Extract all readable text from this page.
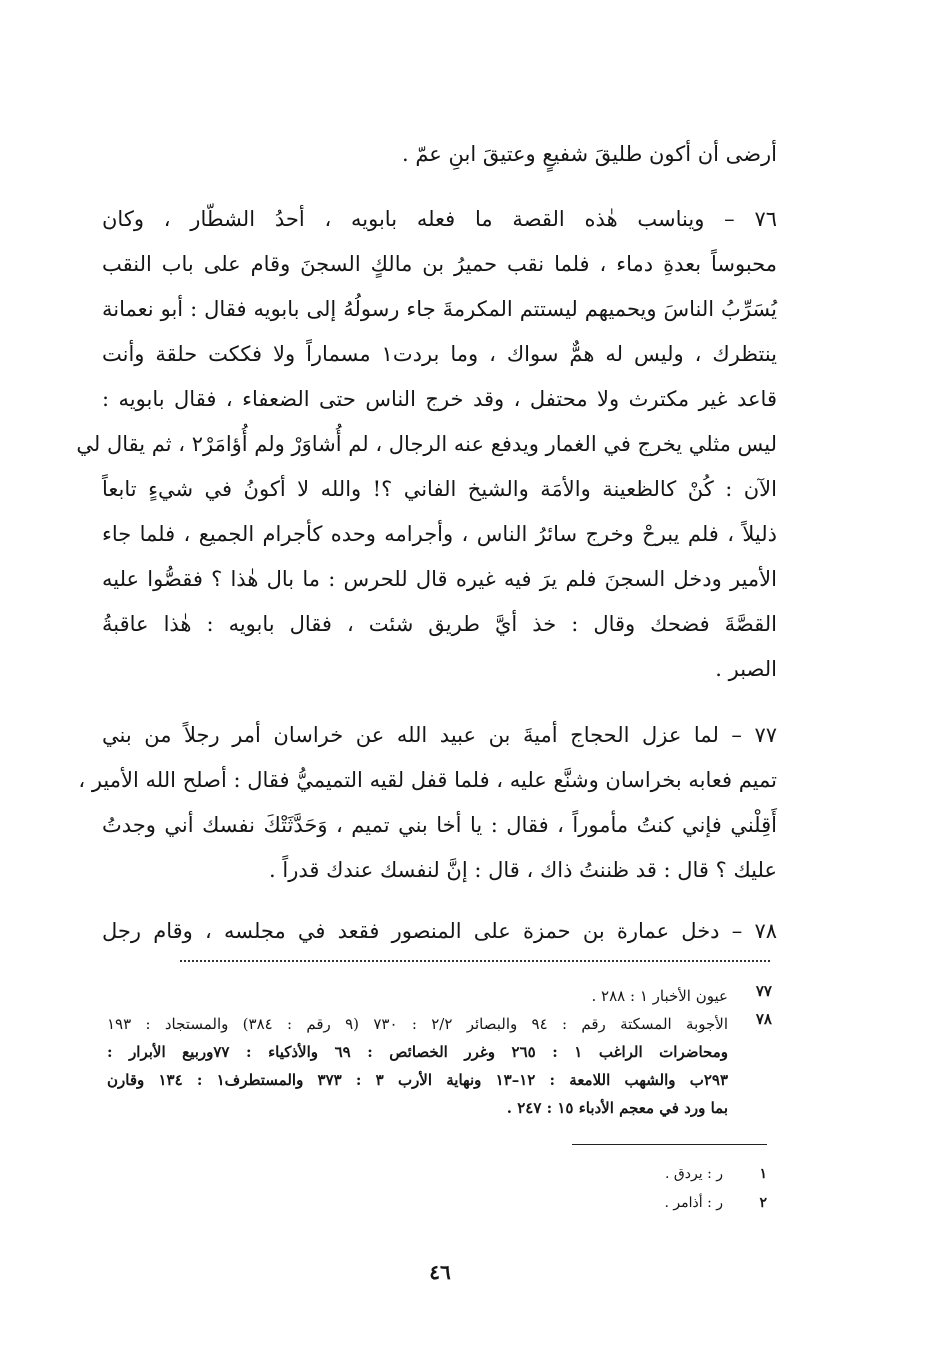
أرضى أن أكون طليقَ شفيعٍ وعتيقَ ابنِ عمّ .
٧٦ – ويناسب هٰذه القصة ما فعله بابويه ، أحدُ الشطّار ، وكان
محبوساً بعدةِ دماء ، فلما نقب حميرُ بن مالكٍ السجنَ وقام على باب النقب
يُسَرِّبُ الناسَ ويحميهم ليستتم المكرمةَ جاء رسولُهُ إلى بابويه فقال : أبو نعمانة
ينتظرك ، وليس له همٌّ سواك ، وما بردت١ مسماراً ولا فككت حلقة وأنت
قاعد غير مكترث ولا محتفل ، وقد خرج الناس حتى الضعفاء ، فقال بابويه :
ليس مثلي يخرج في الغمار ويدفع عنه الرجال ، لم أُشاوَرْ ولم أُؤامَرْ٢ ، ثم يقال لي
الآن : كُنْ كالظعينة والأمَة والشيخ الفاني ؟! والله لا أكونُ في شيءٍ تابعاً
ذليلاً ، فلم يبرحْ وخرج سائرُ الناس ، وأجرامه وحده كأجرام الجميع ، فلما جاء
الأمير ودخل السجنَ فلم يرَ فيه غيره قال للحرس : ما بال هٰذا ؟ فقصُّوا عليه
القصَّةَ فضحك وقال : خذ أيَّ طريق شئت ، فقال بابويه : هٰذا عاقبةُ
الصبر .
٧٧ – لما عزل الحجاج أميةَ بن عبيد الله عن خراسان أمر رجلاً من بني
تميم فعابه بخراسان وشنَّع عليه ، فلما قفل لقيه التميميُّ فقال : أصلح الله الأمير ،
أَقِلْني فإني كنتُ مأموراً ، فقال : يا أخا بني تميم ، وَحَدَّثَتْكَ نفسك أني وجدتُ
عليك ؟ قال : قد ظننتُ ذاك ، قال : إنَّ لنفسك عندك قدراً .
٧٨ – دخل عمارة بن حمزة على المنصور فقعد في مجلسه ، وقام رجل
٧٧
عيون الأخبار ١ : ٢٨٨ .
٧٨
الأجوبة المسكتة رقم : ٩٤ والبصائر ٢/٢ : ٧٣٠ (٩ رقم : ٣٨٤) والمستجاد : ١٩٣
ومحاضرات الراغب ١ : ٢٦٥ وغرر الخصائص : ٦٩ والأذكياء : ٧٧وربيع الأبرار :
٢٩٣ب والشهب اللامعة : ١٢–١٣ ونهاية الأرب ٣ : ٣٧٣ والمستطرف١ : ١٣٤ وقارن
بما ورد في معجم الأدباء ١٥ : ٢٤٧ .
١
ر : يردق .
٢
ر : أذامر .
٤٦
